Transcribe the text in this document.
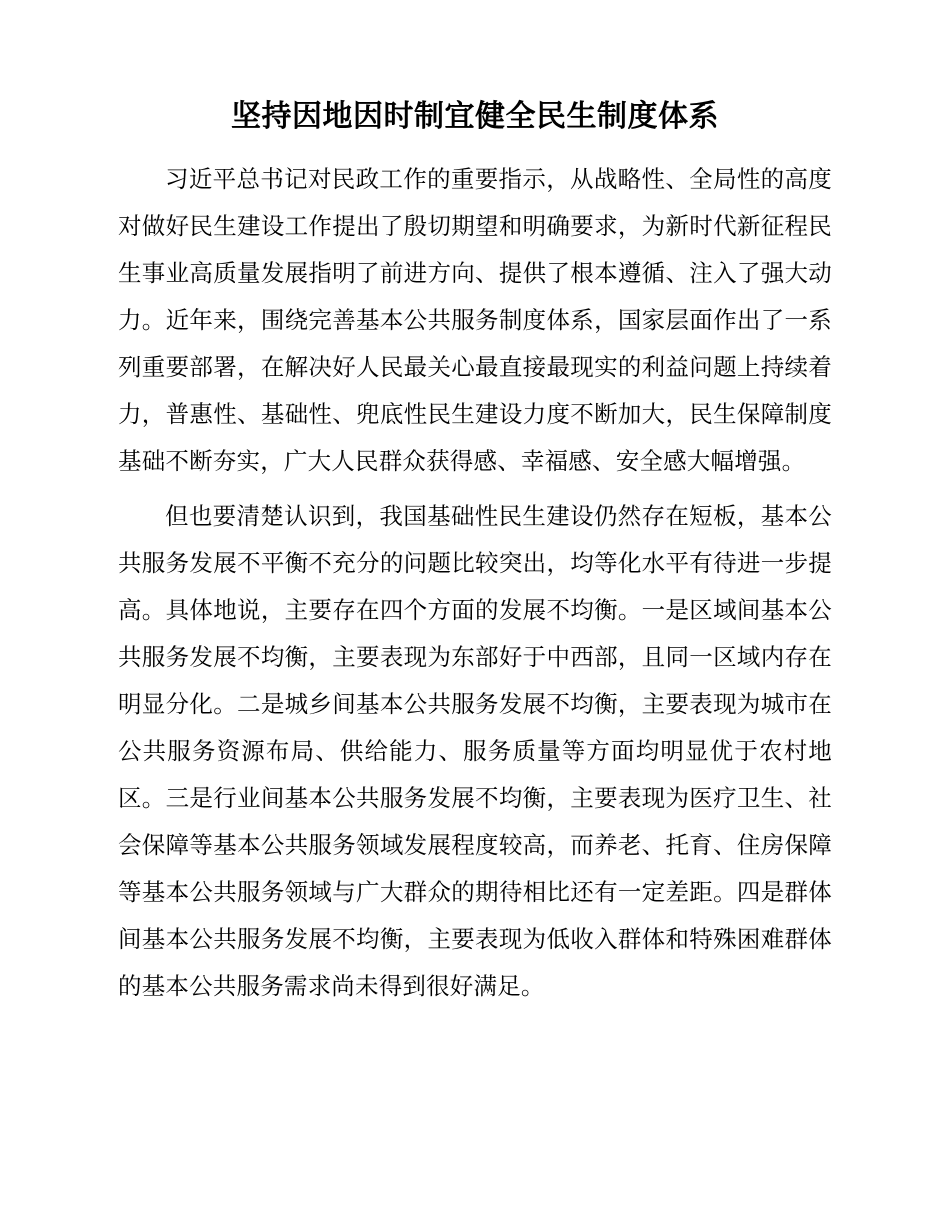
坚持因地因时制宜健全民生制度体系

习近平总书记对民政工作的重要指示，从战略性、全局性的高度对做好民生建设工作提出了殷切期望和明确要求，为新时代新征程民生事业高质量发展指明了前进方向、提供了根本遵循、注入了强大动力。近年来，围绕完善基本公共服务制度体系，国家层面作出了一系列重要部署，在解决好人民最关心最直接最现实的利益问题上持续着力，普惠性、基础性、兜底性民生建设力度不断加大，民生保障制度基础不断夯实，广大人民群众获得感、幸福感、安全感大幅增强。

但也要清楚认识到，我国基础性民生建设仍然存在短板，基本公共服务发展不平衡不充分的问题比较突出，均等化水平有待进一步提高。具体地说，主要存在四个方面的发展不均衡。一是区域间基本公共服务发展不均衡，主要表现为东部好于中西部，且同一区域内存在明显分化。二是城乡间基本公共服务发展不均衡，主要表现为城市在公共服务资源布局、供给能力、服务质量等方面均明显优于农村地区。三是行业间基本公共服务发展不均衡，主要表现为医疗卫生、社会保障等基本公共服务领域发展程度较高，而养老、托育、住房保障等基本公共服务领域与广大群众的期待相比还有一定差距。四是群体间基本公共服务发展不均衡，主要表现为低收入群体和特殊困难群体的基本公共服务需求尚未得到很好满足。
